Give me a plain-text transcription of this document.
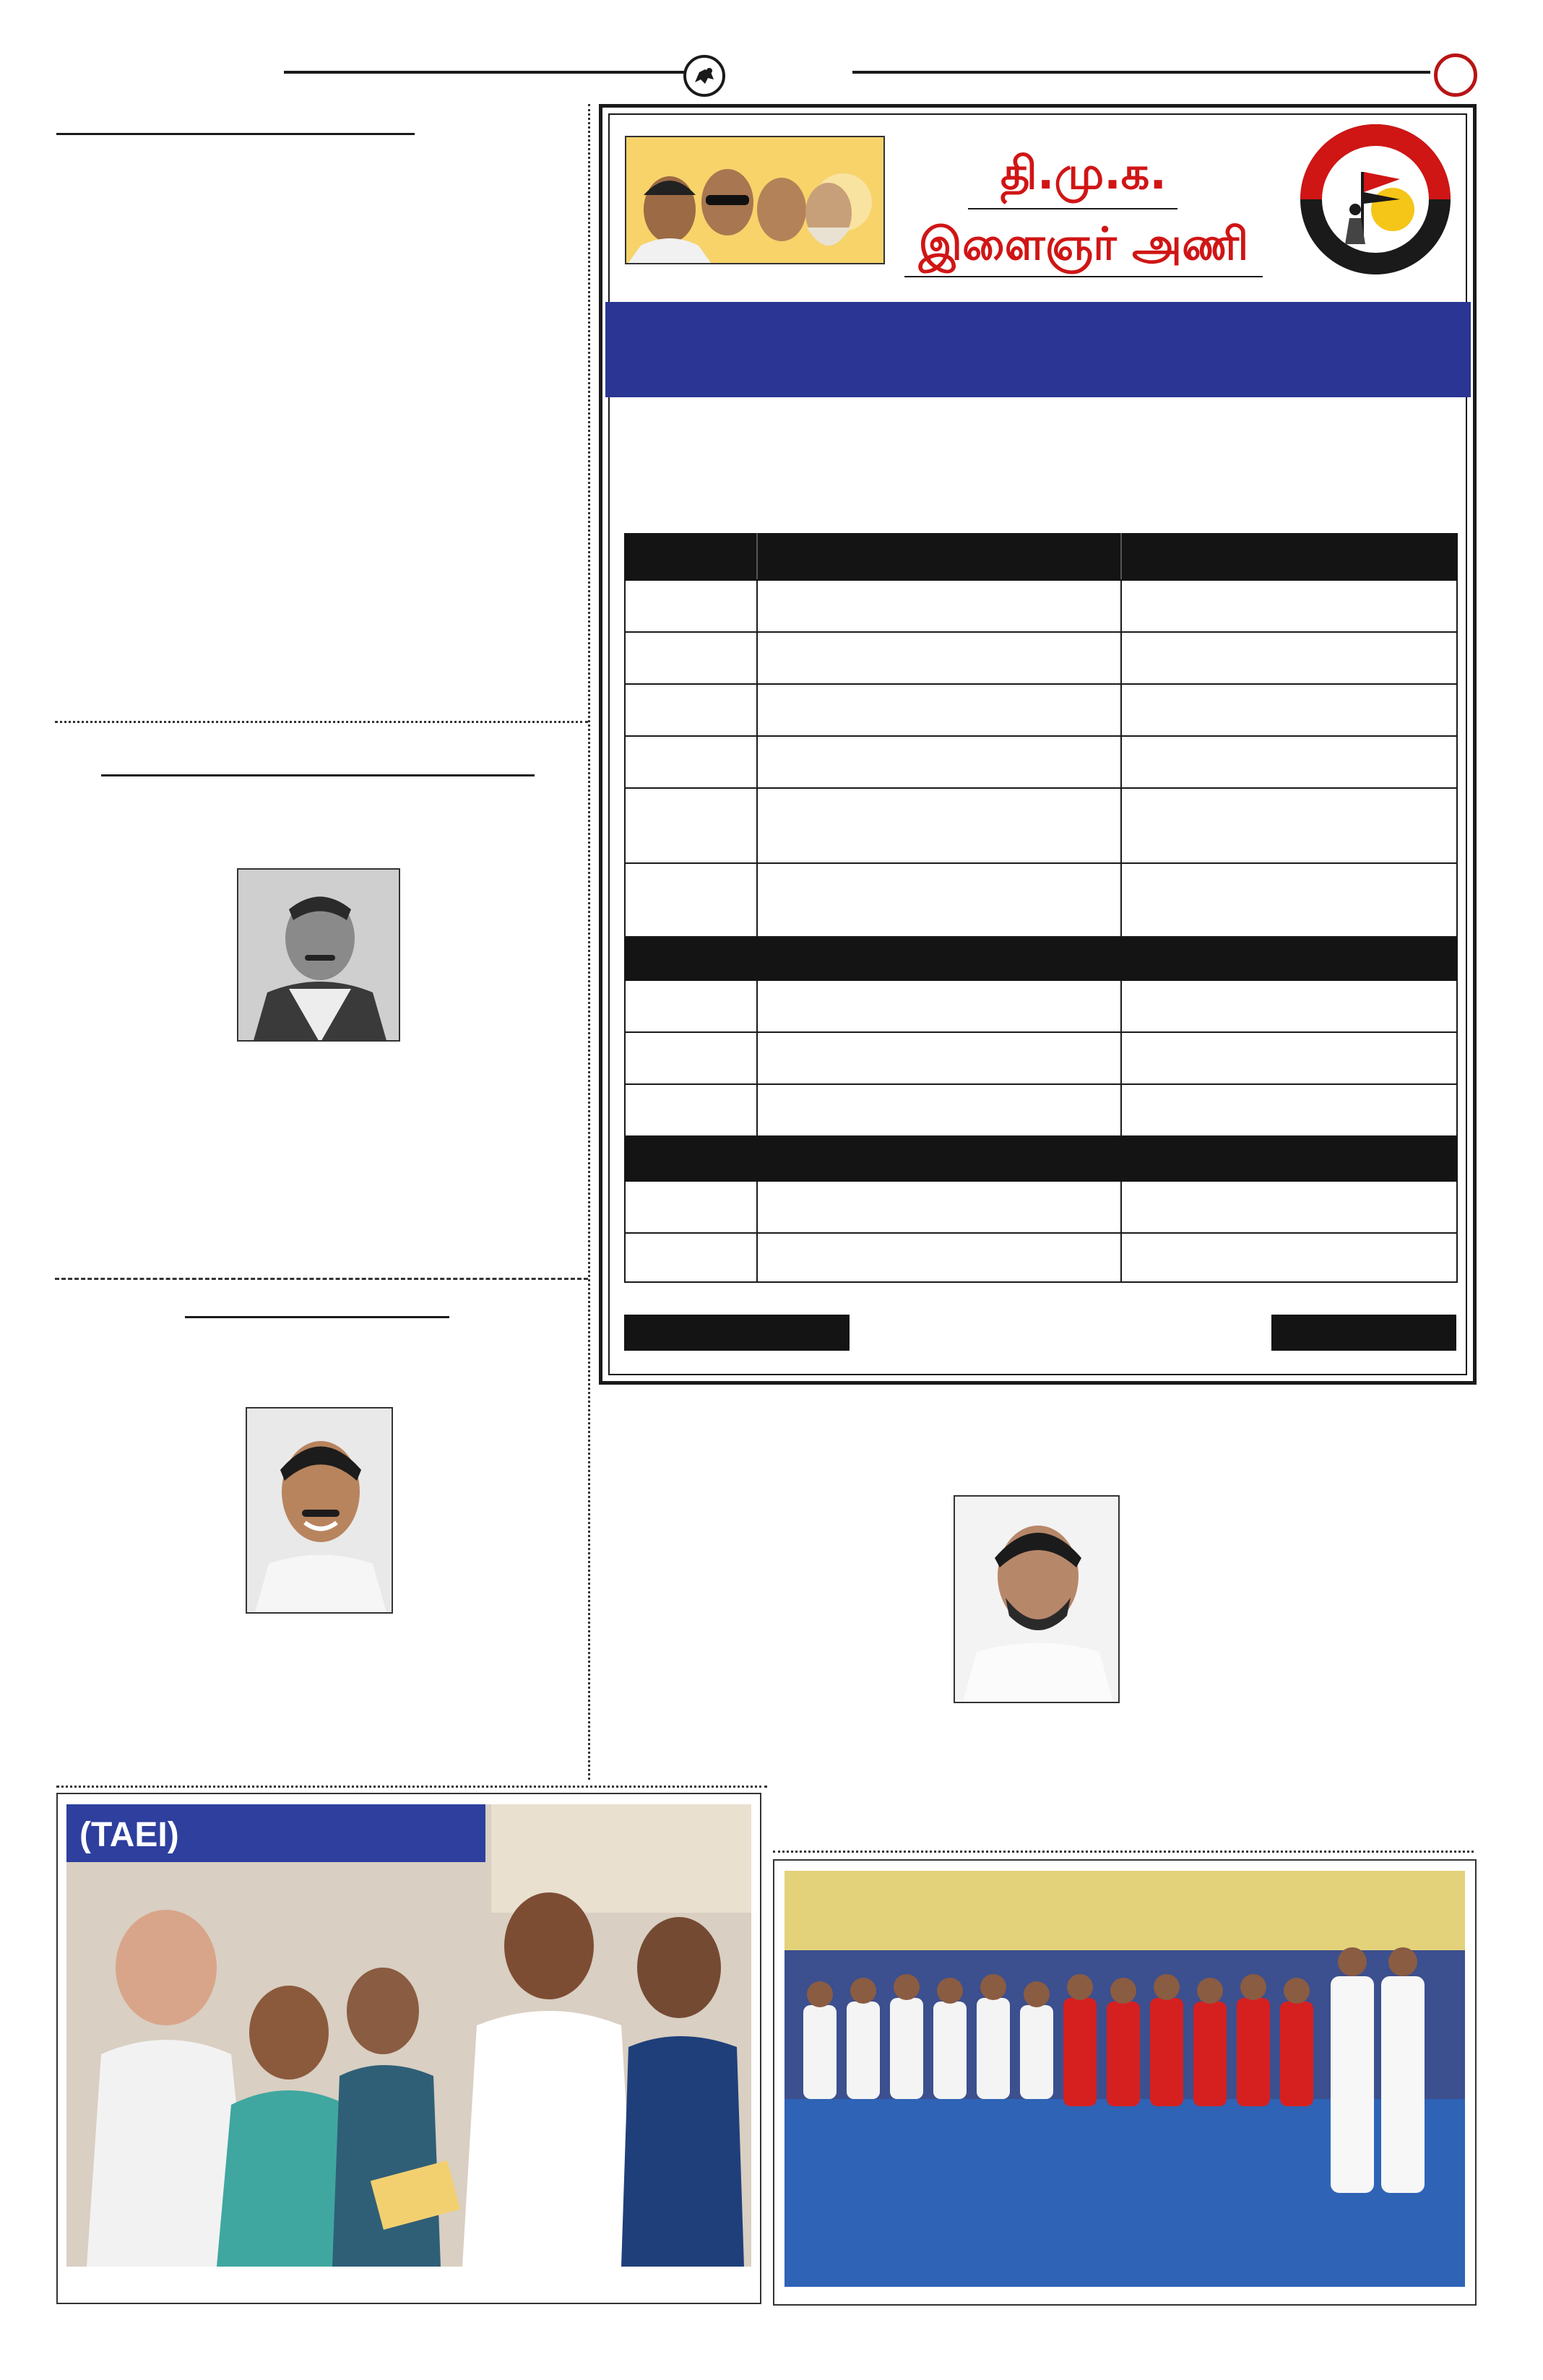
தி.மு.க.
இளைஞர் அணி

(TAEI)
